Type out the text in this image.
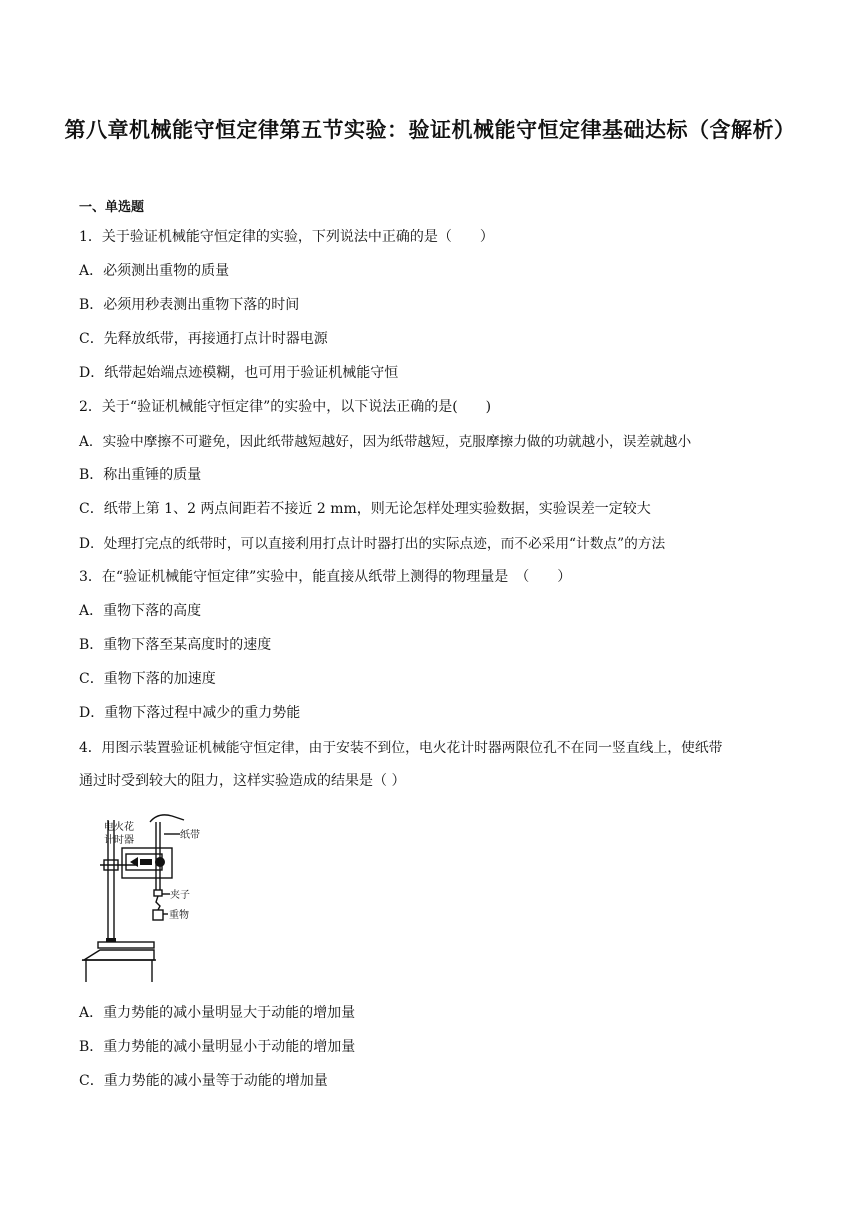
第八章机械能守恒定律第五节实验：验证机械能守恒定律基础达标（含解析）
一、单选题
1．关于验证机械能守恒定律的实验，下列说法中正确的是（　　）
A．必须测出重物的质量
B．必须用秒表测出重物下落的时间
C．先释放纸带，再接通打点计时器电源
D．纸带起始端点迹模糊，也可用于验证机械能守恒
2．关于“验证机械能守恒定律”的实验中，以下说法正确的是(　　)
A．实验中摩擦不可避免，因此纸带越短越好，因为纸带越短，克服摩擦力做的功就越小，误差就越小
B．称出重锤的质量
C．纸带上第 1、2 两点间距若不接近 2 mm，则无论怎样处理实验数据，实验误差一定较大
D．处理打完点的纸带时，可以直接利用打点计时器打出的实际点迹，而不必采用“计数点”的方法
3．在“验证机械能守恒定律”实验中，能直接从纸带上测得的物理量是　（　　）
A．重物下落的高度
B．重物下落至某高度时的速度
C．重物下落的加速度
D．重物下落过程中减少的重力势能
4．用图示装置验证机械能守恒定律，由于安装不到位，电火花计时器两限位孔不在同一竖直线上，使纸带
通过时受到较大的阻力，这样实验造成的结果是（ ）
电火花
计时器	纸带
夹子
重物
A．重力势能的减小量明显大于动能的增加量
B．重力势能的减小量明显小于动能的增加量
C．重力势能的减小量等于动能的增加量
